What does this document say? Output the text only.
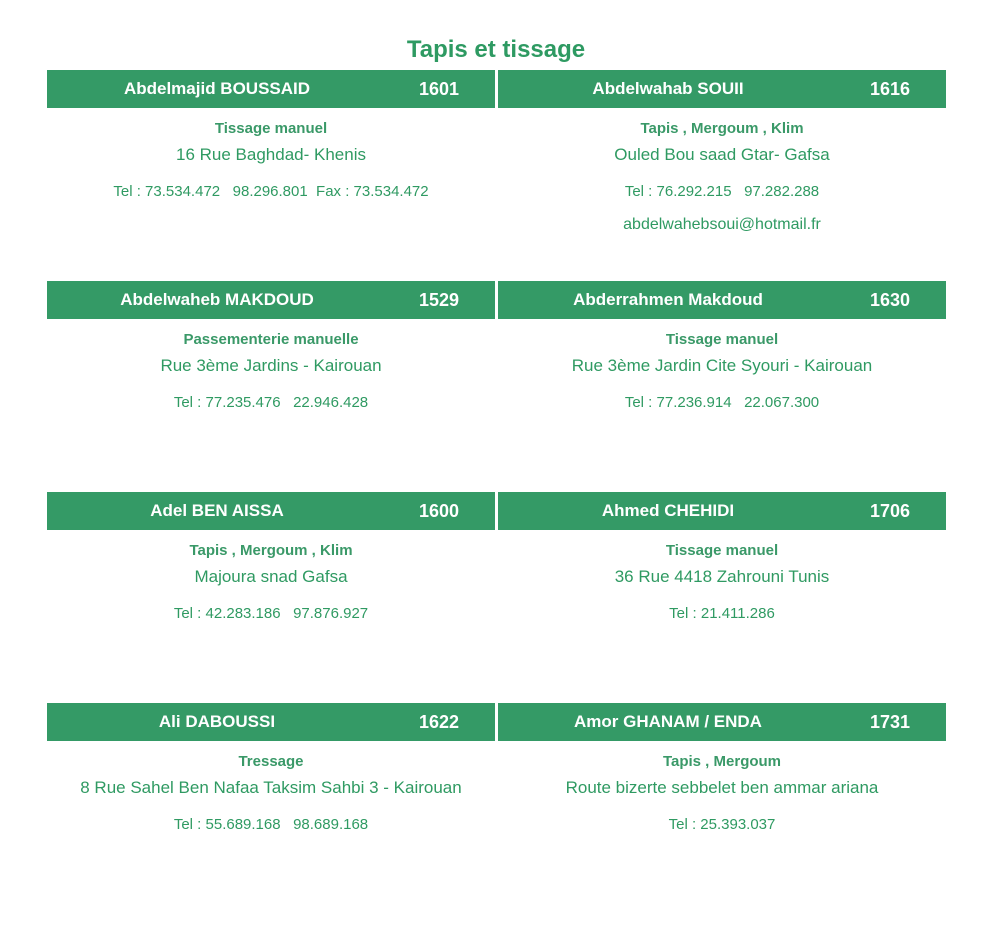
Tapis et tissage
Abdelmajid BOUSSAID	1601
Tissage manuel
16 Rue Baghdad- Khenis
Tel : 73.534.472   98.296.801  Fax : 73.534.472
Abdelwahab SOUII	1616
Tapis , Mergoum , Klim
Ouled Bou saad Gtar- Gafsa
Tel : 76.292.215   97.282.288
abdelwahebsoui@hotmail.fr
Abdelwaheb MAKDOUD	1529
Passementerie manuelle
Rue 3ème Jardins - Kairouan
Tel : 77.235.476   22.946.428
Abderrahmen Makdoud	1630
Tissage manuel
Rue 3ème Jardin Cite Syouri - Kairouan
Tel : 77.236.914   22.067.300
Adel BEN AISSA	1600
Tapis , Mergoum , Klim
Majoura snad Gafsa
Tel : 42.283.186   97.876.927
Ahmed CHEHIDI	1706
Tissage manuel
36 Rue 4418 Zahrouni Tunis
Tel : 21.411.286
Ali DABOUSSI	1622
Tressage
8 Rue Sahel Ben Nafaa Taksim Sahbi 3 - Kairouan
Tel : 55.689.168   98.689.168
Amor GHANAM / ENDA	1731
Tapis , Mergoum
Route bizerte sebbelet ben ammar ariana
Tel : 25.393.037
